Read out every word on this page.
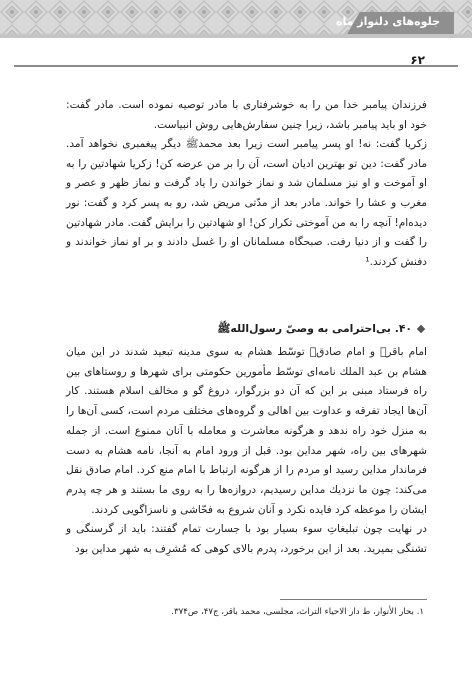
جلوه‌های دلنواز ماه
۶۲

فرزندان پیامبر خدا من را به خوشرفتاری با مادر توصیه نموده است. مادر گفت: خود او باید پیامبر باشد، زیرا چنین سفارش‌هایی روش انبیاست.

زکریا گفت: نه! او پسر پیامبر است زیرا بعد محمدﷺ دیگر پیغمبری نخواهد آمد. مادر گفت: دین تو بهترین ادیان است، آن را بر من عرضه کن! زکریا شهادتین را به او آموخت و او نیز مسلمان شد و نماز خواندن را یاد گرفت و نماز ظهر و عصر و مغرب و عشا را خواند. مادر بعد از مدّتی مریض شد، رو به پسر کرد و گفت: نور دیده‌ام! آنچه را به من آموختی تکرار کن! او شهادتین را برایش گفت. مادر شهادتین را گفت و از دنیا رفت. صبحگاه مسلمانان او را غسل دادند و بر او نماز خواندند و دفنش کردند.¹

۴۰. بی‌احترامی به وصیّ رسول‌اللهﷺ

امام باقرؑ و امام صادقؑ توسّط هشام به سوی مدینه تبعید شدند در این میان هشام بن عبد الملك نامه‌ای توسّط مأمورین حکومتی برای شهرها و روستاهای بین راه فرستاد مبنی بر این که آن دو بزرگوار، دروغ گو و مخالف اسلام هستند. کار آن‌ها ایجاد تفرقه و عداوت بین اهالی و گروه‌های مختلف مردم است، کسی آن‌ها را به منزل خود راه ندهد و هرگونه معاشرت و معامله با آنان ممنوع است. از جمله شهرهای بین راه، شهر مداین بود. قبل از ورود امام به آنجا، نامه هشام به دست فرماندار مداین رسید او مردم را از هرگونه ارتباط با امام منع کرد. امام صادق نقل می‌کند: چون ما نزدیك مداین رسیدیم، دروازه‌ها را به روی ما بستند و هر چه پدرم ایشان را موعظه کرد فایده نکرد و آنان شروع به فحّاشی و ناسزاگویی کردند.

در نهایت چون تبلیغاتِ سوء بسیار بود با جسارت تمام گفتند: باید از گرسنگی و تشنگی بمیرید. بعد از این برخورد، پدرم بالای کوهی که مُشرِف به شهر مداین بود

۱. بحار الأنوار، ط دار الاحیاء التراث، مجلسی، محمد باقر، ج۴۷، ص۳۷۴.
